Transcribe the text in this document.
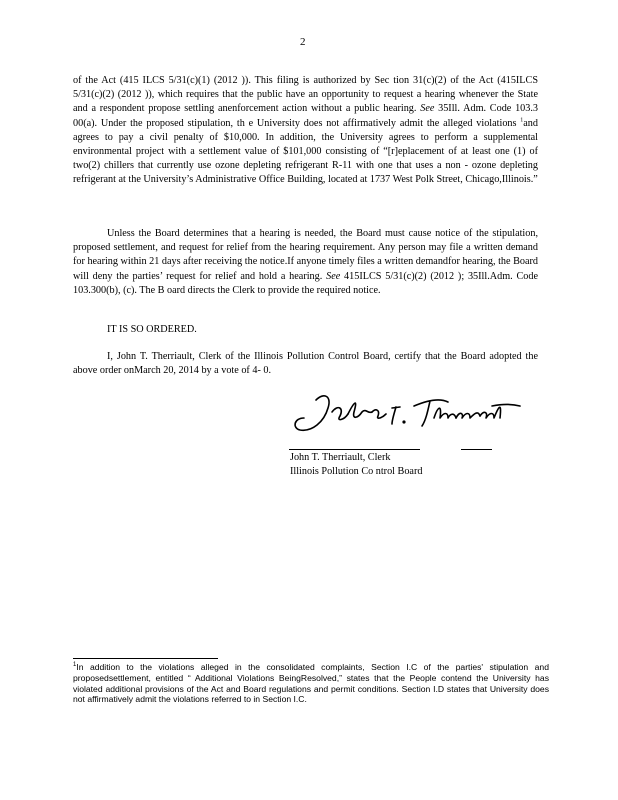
2
of the Act (415 ILCS 5/31(c)(1) (2012 )). This filing is authorized by Sec tion 31(c)(2) of the Act (415ILCS 5/31(c)(2) (2012 )), which requires that the public have an opportunity to request a hearing whenever the State and a respondent propose settling anenforcement action without a public hearing. See 35Ill. Adm. Code 103.3 00(a). Under the proposed stipulation, th e University does not affirmatively admit the alleged violations $^1$and agrees to pay a civil penalty of $10,000. In addition, the University agrees to perform a supplemental environmental project with a settlement value of $101,000 consisting of “[r]eplacement of at least one (1) of two(2) chillers that currently use ozone depleting refrigerant R-11 with one that uses a non - ozone depleting refrigerant at the University’s Administrative Office Building, located at 1737 West Polk Street, Chicago,Illinois.”
Unless the Board determines that a hearing is needed, the Board must cause notice of the stipulation, proposed settlement, and request for relief from the hearing requirement. Any person may file a written demand for hearing within 21 days after receiving the notice.If anyone timely files a written demandfor hearing, the Board will deny the parties’ request for relief and hold a hearing. See 415ILCS 5/31(c)(2) (2012 ); 35Ill.Adm. Code 103.300(b), (c). The B oard directs the Clerk to provide the required notice.
IT IS SO ORDERED.
I, John T. Therriault, Clerk of the Illinois Pollution Control Board, certify that the Board adopted the above order onMarch 20, 2014 by a vote of 4- 0.
John T. Therriault, Clerk
Illinois Pollution Co ntrol Board
$^1$In addition to the violations alleged in the consolidated complaints, Section I.C of the parties' stipulation and proposedsettlement, entitled “ Additional Violations BeingResolved,” states that the People contend the University has violated additional provisions of the Act and Board regulations and permit conditions. Section I.D states that University does not affirmatively admit the violations referred to in Section I.C.
